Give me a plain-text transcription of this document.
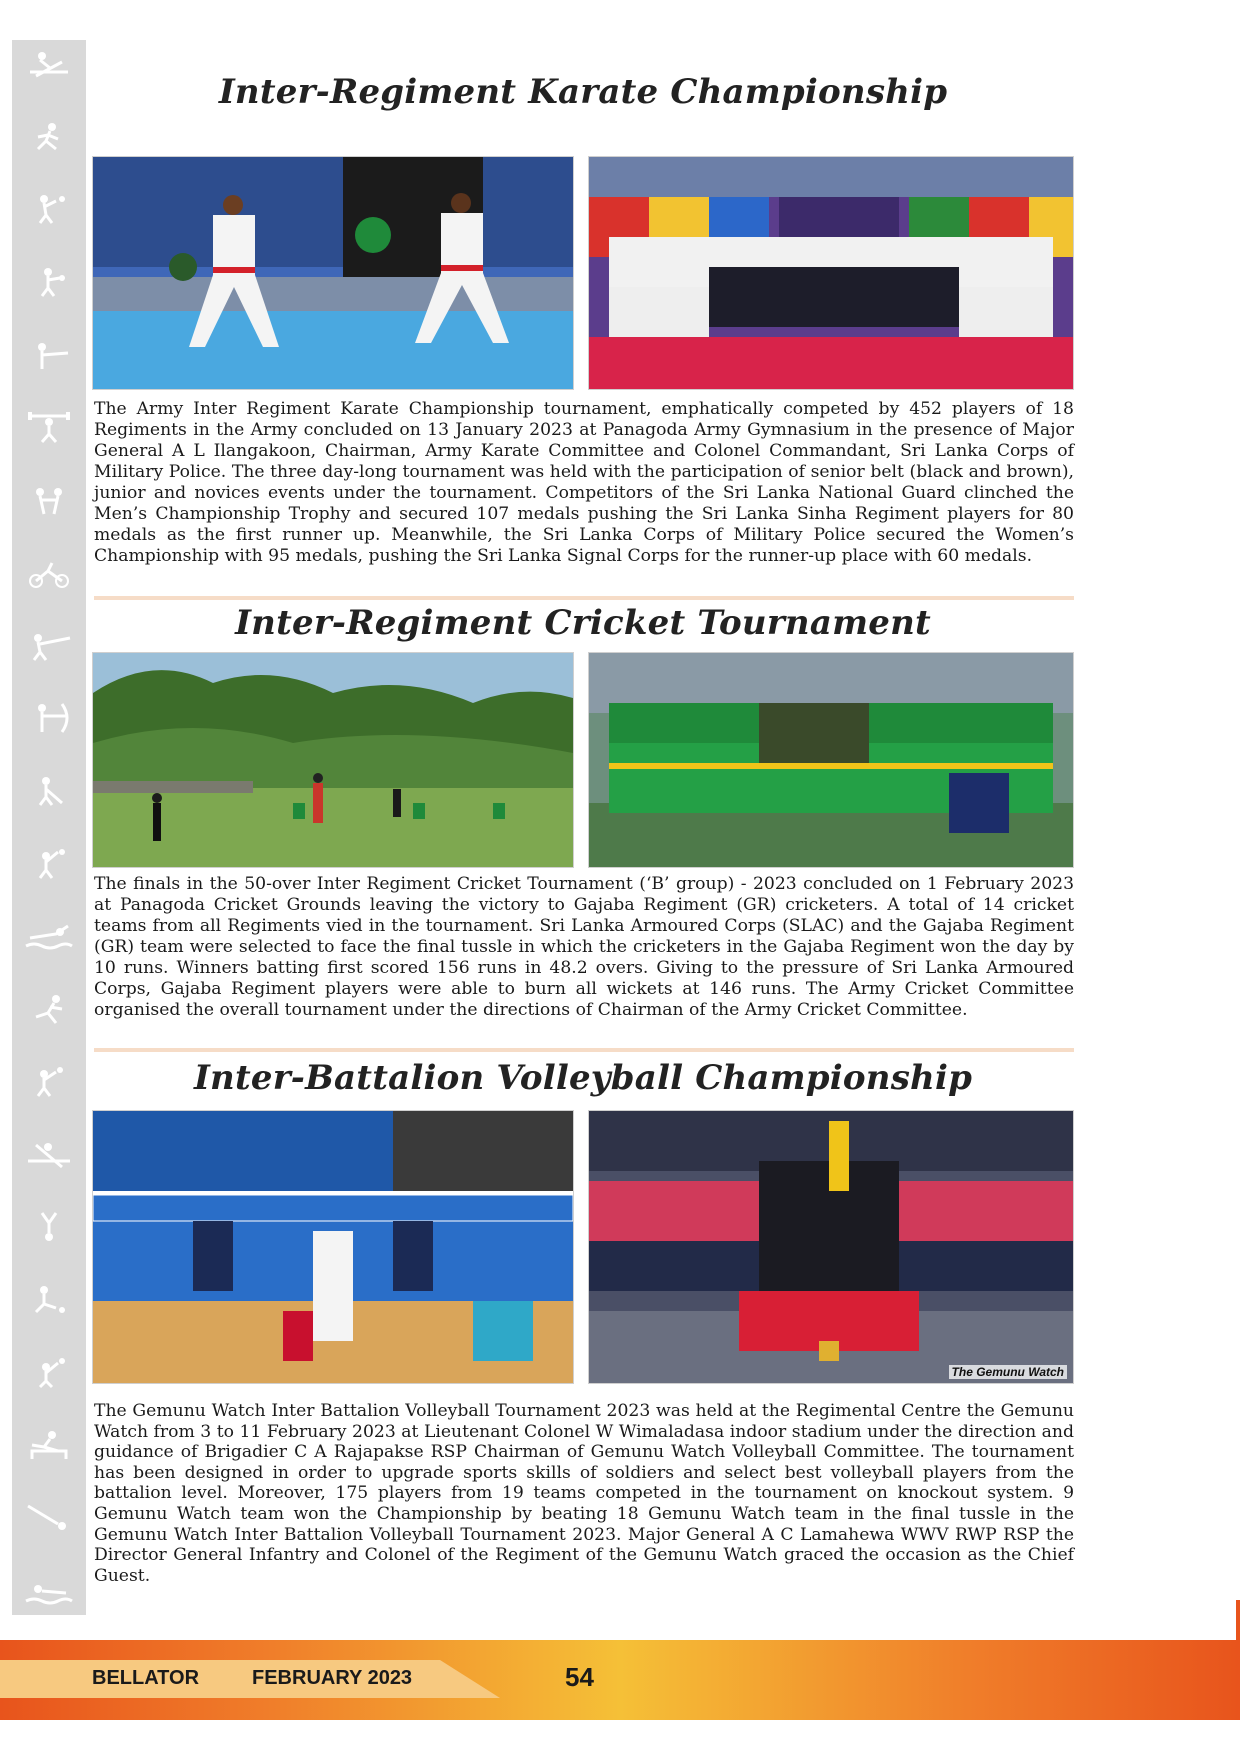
Inter-Regiment Karate Championship

The Army Inter Regiment Karate Championship tournament, emphatically competed by 452 players of 18 Regiments in the Army concluded on 13 January 2023 at Panagoda Army Gymnasium in the presence of Major General A L Ilangakoon, Chairman, Army Karate Committee and Colonel Commandant, Sri Lanka Corps of Military Police. The three day-long tournament was held with the participation of senior belt (black and brown), junior and novices events under the tournament. Competitors of the Sri Lanka National Guard clinched the Men’s Championship Trophy and secured 107 medals pushing the Sri Lanka Sinha Regiment players for 80 medals as the first runner up. Meanwhile, the Sri Lanka Corps of Military Police secured the Women’s Championship with 95 medals, pushing the Sri Lanka Signal Corps for the runner-up place with 60 medals.

Inter-Regiment Cricket Tournament

The finals in the 50-over Inter Regiment Cricket Tournament (‘B’ group) - 2023 concluded on 1 February 2023 at Panagoda Cricket Grounds leaving the victory to Gajaba Regiment (GR) cricketers. A total of 14 cricket teams from all Regiments vied in the tournament. Sri Lanka Armoured Corps (SLAC) and the Gajaba Regiment (GR) team were selected to face the final tussle in which the cricketers in the Gajaba Regiment won the day by 10 runs. Winners batting first scored 156 runs in 48.2 overs. Giving to the pressure of Sri Lanka Armoured Corps, Gajaba Regiment players were able to burn all wickets at 146 runs. The Army Cricket Committee organised the overall tournament under the directions of Chairman of the Army Cricket Committee.

Inter-Battalion Volleyball Championship
The Gemunu Watch

The Gemunu Watch Inter Battalion Volleyball Tournament 2023 was held at the Regimental Centre the Gemunu Watch from 3 to 11 February 2023 at Lieutenant Colonel W Wimaladasa indoor stadium under the direction and guidance of Brigadier C A Rajapakse RSP Chairman of Gemunu Watch Volleyball Committee. The tournament has been designed in order to upgrade sports skills of soldiers and select best volleyball players from the battalion level. Moreover, 175 players from 19 teams competed in the tournament on knockout system. 9 Gemunu Watch team won the Championship by beating 18 Gemunu Watch team in the final tussle in the Gemunu Watch Inter Battalion Volleyball Tournament 2023. Major General A C Lamahewa WWV RWP RSP the Director General Infantry and Colonel of the Regiment of the Gemunu Watch graced the occasion as the Chief Guest.

BELLATOR	FEBRUARY 2023	54
